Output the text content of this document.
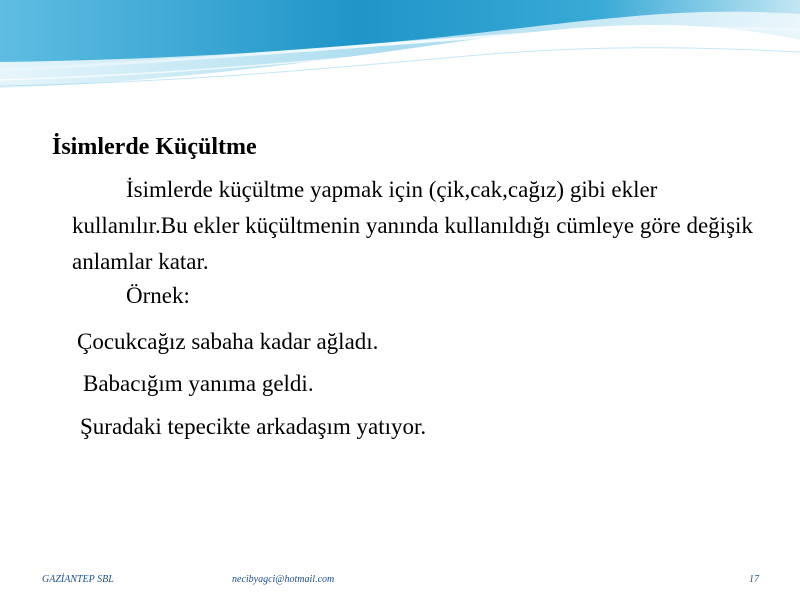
İsimlerde Küçültme
İsimlerde küçültme yapmak için (çik,cak,cağız) gibi ekler kullanılır.Bu ekler küçültmenin yanında kullanıldığı cümleye göre değişik anlamlar katar.
Örnek:
Çocukcağız sabaha kadar ağladı.
Babacığım yanıma geldi.
Şuradaki tepecikte arkadaşım yatıyor.
GAZİANTEP SBL	necibyagci@hotmail.com	17
